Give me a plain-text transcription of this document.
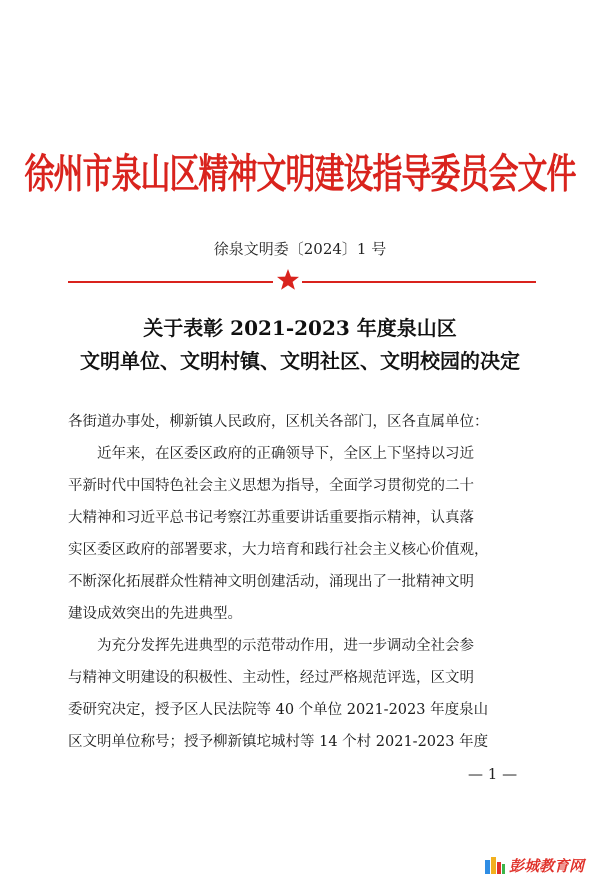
徐州市泉山区精神文明建设指导委员会文件
徐泉文明委〔2024〕1 号
关于表彰 2021-2023 年度泉山区
文明单位、文明村镇、文明社区、文明校园的决定
各街道办事处，柳新镇人民政府，区机关各部门，区各直属单位：
　　近年来，在区委区政府的正确领导下，全区上下坚持以习近
平新时代中国特色社会主义思想为指导，全面学习贯彻党的二十
大精神和习近平总书记考察江苏重要讲话重要指示精神，认真落
实区委区政府的部署要求，大力培育和践行社会主义核心价值观，
不断深化拓展群众性精神文明创建活动，涌现出了一批精神文明
建设成效突出的先进典型。
　　为充分发挥先进典型的示范带动作用，进一步调动全社会参
与精神文明建设的积极性、主动性，经过严格规范评选，区文明
委研究决定，授予区人民法院等 40 个单位 2021-2023 年度泉山
区文明单位称号；授予柳新镇坨城村等 14 个村 2021-2023 年度
— 1 —
彭城教育网
